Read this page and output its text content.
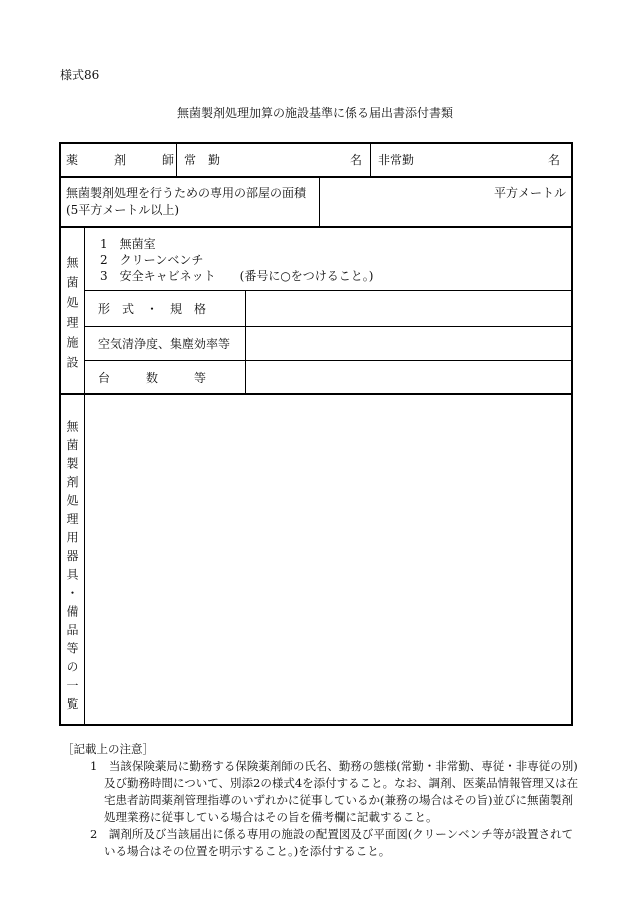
様式86
無菌製剤処理加算の施設基準に係る届出書添付書類
薬　　　剤　　　師 常　勤	名 非常勤	名
無菌製剤処理を行うための専用の部屋の面積
(5平方メートル以上)
平方メートル
無菌処理施設
1　無菌室
2　クリーンベンチ
3　安全キャビネット　　(番号に○をつけること。)
形　式　・　規　格
空気清浄度、集塵効率等
台　　　数　　　等
無菌製剤処理用器具・備品等の一覧
［記載上の注意］
1　当該保険薬局に勤務する保険薬剤師の氏名、勤務の態様(常勤・非常勤、専従・非専従の別)及び勤務時間について、別添2の様式4を添付すること。なお、調剤、医薬品情報管理又は在宅患者訪問薬剤管理指導のいずれかに従事しているか(兼務の場合はその旨)並びに無菌製剤処理業務に従事している場合はその旨を備考欄に記載すること。
2　調剤所及び当該届出に係る専用の施設の配置図及び平面図(クリーンベンチ等が設置されている場合はその位置を明示すること。)を添付すること。
